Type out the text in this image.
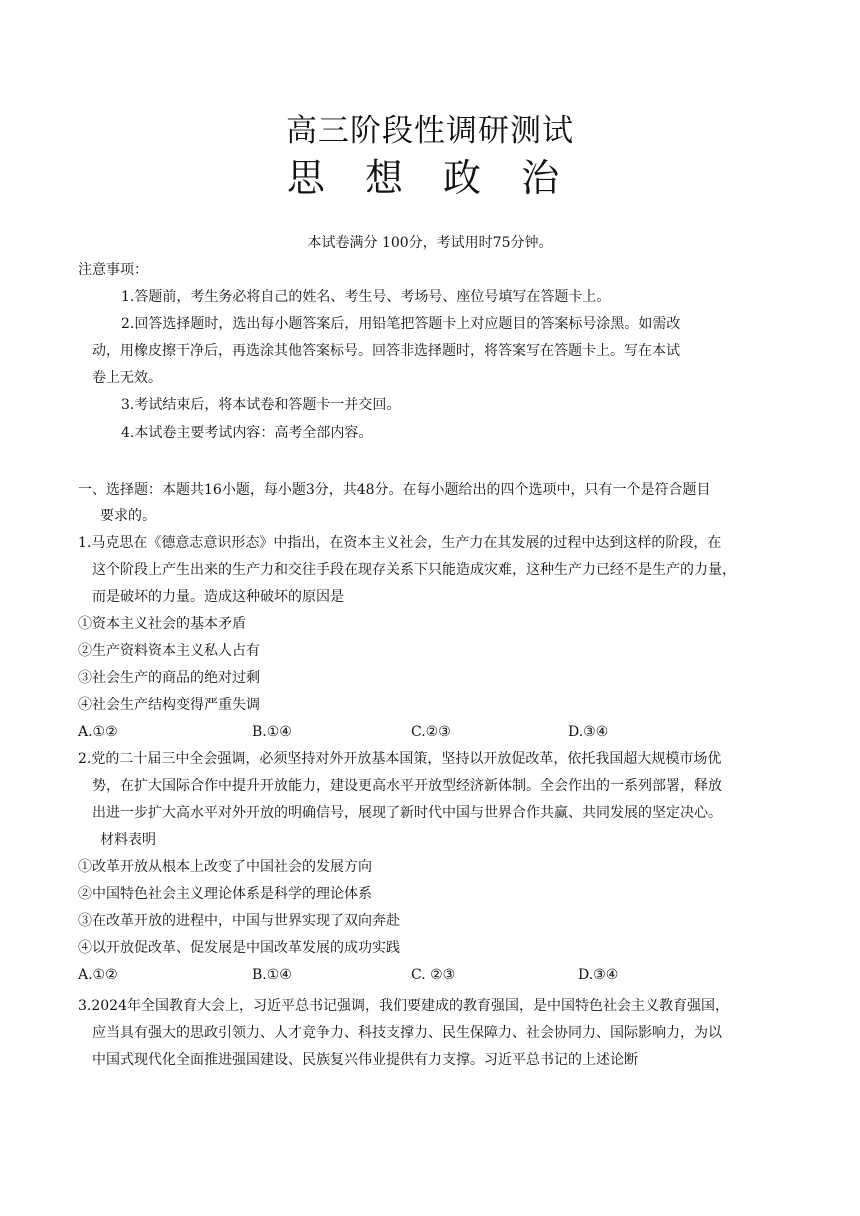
高三阶段性调研测试
思 想 政 治
本试卷满分 100分，考试用时75分钟。
注意事项：
1.答题前，考生务必将自己的姓名、考生号、考场号、座位号填写在答题卡上。
2.回答选择题时，选出每小题答案后，用铅笔把答题卡上对应题目的答案标号涂黑。如需改
动，用橡皮擦干净后，再选涂其他答案标号。回答非选择题时，将答案写在答题卡上。写在本试
卷上无效。
3.考试结束后，将本试卷和答题卡一并交回。
4.本试卷主要考试内容：高考全部内容。
一、选择题：本题共16小题，每小题3分，共48分。在每小题给出的四个选项中，只有一个是符合题目
要求的。
1.马克思在《德意志意识形态》中指出，在资本主义社会，生产力在其发展的过程中达到这样的阶段，在
这个阶段上产生出来的生产力和交往手段在现存关系下只能造成灾难，这种生产力已经不是生产的力量，
而是破坏的力量。造成这种破坏的原因是
①资本主义社会的基本矛盾
②生产资料资本主义私人占有
③社会生产的商品的绝对过剩
④社会生产结构变得严重失调
A.①②	B.①④	C.②③	D.③④
2.党的二十届三中全会强调，必须坚持对外开放基本国策，坚持以开放促改革，依托我国超大规模市场优
势，在扩大国际合作中提升开放能力，建设更高水平开放型经济新体制。全会作出的一系列部署，释放
出进一步扩大高水平对外开放的明确信号，展现了新时代中国与世界合作共赢、共同发展的坚定决心。
材料表明
①改革开放从根本上改变了中国社会的发展方向
②中国特色社会主义理论体系是科学的理论体系
③在改革开放的进程中，中国与世界实现了双向奔赴
④以开放促改革、促发展是中国改革发展的成功实践
A.①②	B.①④	C. ②③	D.③④
3.2024年全国教育大会上，习近平总书记强调，我们要建成的教育强国，是中国特色社会主义教育强国，
应当具有强大的思政引领力、人才竞争力、科技支撑力、民生保障力、社会协同力、国际影响力，为以
中国式现代化全面推进强国建设、民族复兴伟业提供有力支撑。习近平总书记的上述论断
